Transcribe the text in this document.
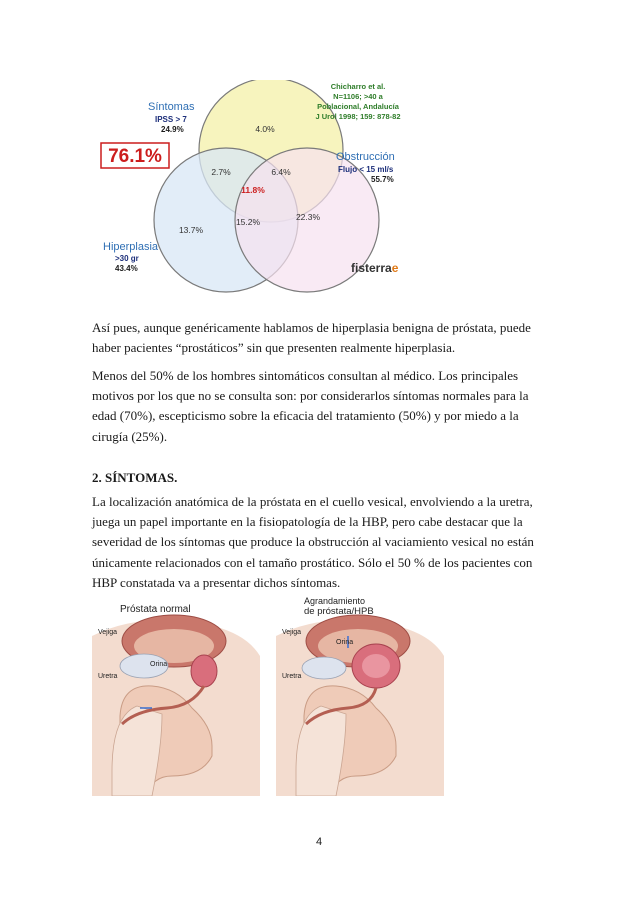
76.1%
Síntomas
IPSS > 7
24.9%
Obstrucción
Flujo < 15 ml/s
55.7%
Hiperplasia
>30 gr
43.4%
4.0%
2.7%	6.4%
11.8%
13.7%
15.2%	22.3%
Chicharro et al.
N=1106; >40 a
Poblacional, Andalucía
J Urol 1998; 159: 878-82
fisterrae

Así pues, aunque genéricamente hablamos de hiperplasia benigna de próstata, puede haber pacientes “prostáticos” sin que presenten realmente hiperplasia.

Menos del 50% de los hombres sintomáticos consultan al médico. Los principales motivos por los que no se consulta son: por considerarlos síntomas normales para la edad (70%), escepticismo sobre la eficacia del tratamiento (50%) y por miedo a la cirugía (25%).

2. SÍNTOMAS.

La localización anatómica de la próstata en el cuello vesical, envolviendo a la uretra, juega un papel importante en la fisiopatología de la HBP, pero cabe destacar que la severidad de los síntomas que produce la obstrucción al vaciamiento vesical no están únicamente relacionados con el tamaño prostático. Sólo el 50 % de los pacientes con HBP constatada va a presentar dichos síntomas.

Próstata normal
Vejiga
Orina
Uretra
Agrandamiento
de próstata/HPB
Vejiga
Orina
Uretra
4
